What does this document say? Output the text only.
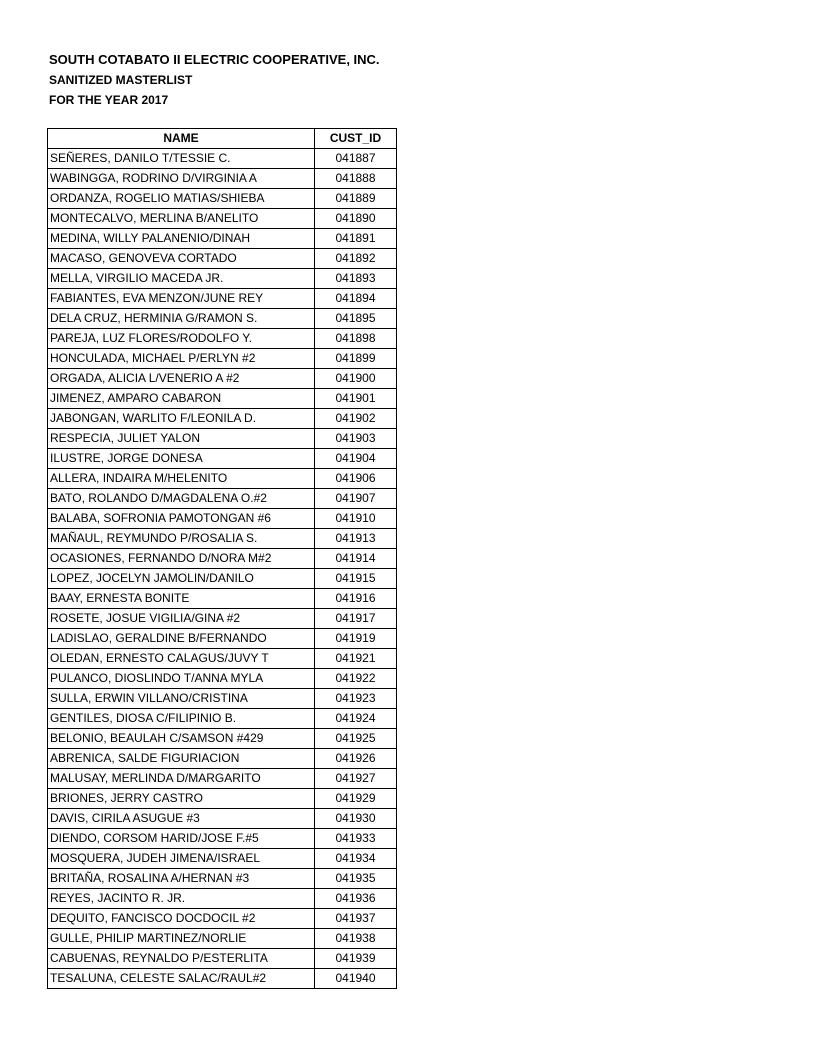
SOUTH COTABATO II ELECTRIC COOPERATIVE, INC.
SANITIZED MASTERLIST
FOR THE YEAR 2017
NAME	CUST_ID
SEÑERES, DANILO T/TESSIE C.	041887
WABINGGA, RODRINO D/VIRGINIA A	041888
ORDANZA, ROGELIO MATIAS/SHIEBA	041889
MONTECALVO, MERLINA B/ANELITO	041890
MEDINA, WILLY PALANENIO/DINAH	041891
MACASO, GENOVEVA CORTADO	041892
MELLA, VIRGILIO MACEDA JR.	041893
FABIANTES, EVA MENZON/JUNE REY	041894
DELA CRUZ, HERMINIA G/RAMON S.	041895
PAREJA, LUZ FLORES/RODOLFO Y.	041898
HONCULADA, MICHAEL P/ERLYN #2	041899
ORGADA, ALICIA L/VENERIO A #2	041900
JIMENEZ, AMPARO CABARON	041901
JABONGAN, WARLITO F/LEONILA D.	041902
RESPECIA, JULIET YALON	041903
ILUSTRE, JORGE DONESA	041904
ALLERA, INDAIRA M/HELENITO	041906
BATO, ROLANDO D/MAGDALENA O.#2	041907
BALABA, SOFRONIA PAMOTONGAN #6	041910
MAÑAUL, REYMUNDO P/ROSALIA S.	041913
OCASIONES, FERNANDO D/NORA M#2	041914
LOPEZ, JOCELYN JAMOLIN/DANILO	041915
BAAY, ERNESTA BONITE	041916
ROSETE, JOSUE VIGILIA/GINA #2	041917
LADISLAO, GERALDINE B/FERNANDO	041919
OLEDAN, ERNESTO CALAGUS/JUVY T	041921
PULANCO, DIOSLINDO T/ANNA MYLA	041922
SULLA, ERWIN VILLANO/CRISTINA	041923
GENTILES, DIOSA C/FILIPINIO B.	041924
BELONIO, BEAULAH C/SAMSON #429	041925
ABRENICA, SALDE FIGURIACION	041926
MALUSAY, MERLINDA D/MARGARITO	041927
BRIONES, JERRY CASTRO	041929
DAVIS, CIRILA ASUGUE #3	041930
DIENDO, CORSOM HARID/JOSE F.#5	041933
MOSQUERA, JUDEH JIMENA/ISRAEL	041934
BRITAÑA, ROSALINA A/HERNAN #3	041935
REYES, JACINTO R. JR.	041936
DEQUITO, FANCISCO DOCDOCIL #2	041937
GULLE, PHILIP MARTINEZ/NORLIE	041938
CABUENAS, REYNALDO P/ESTERLITA	041939
TESALUNA, CELESTE SALAC/RAUL#2	041940
